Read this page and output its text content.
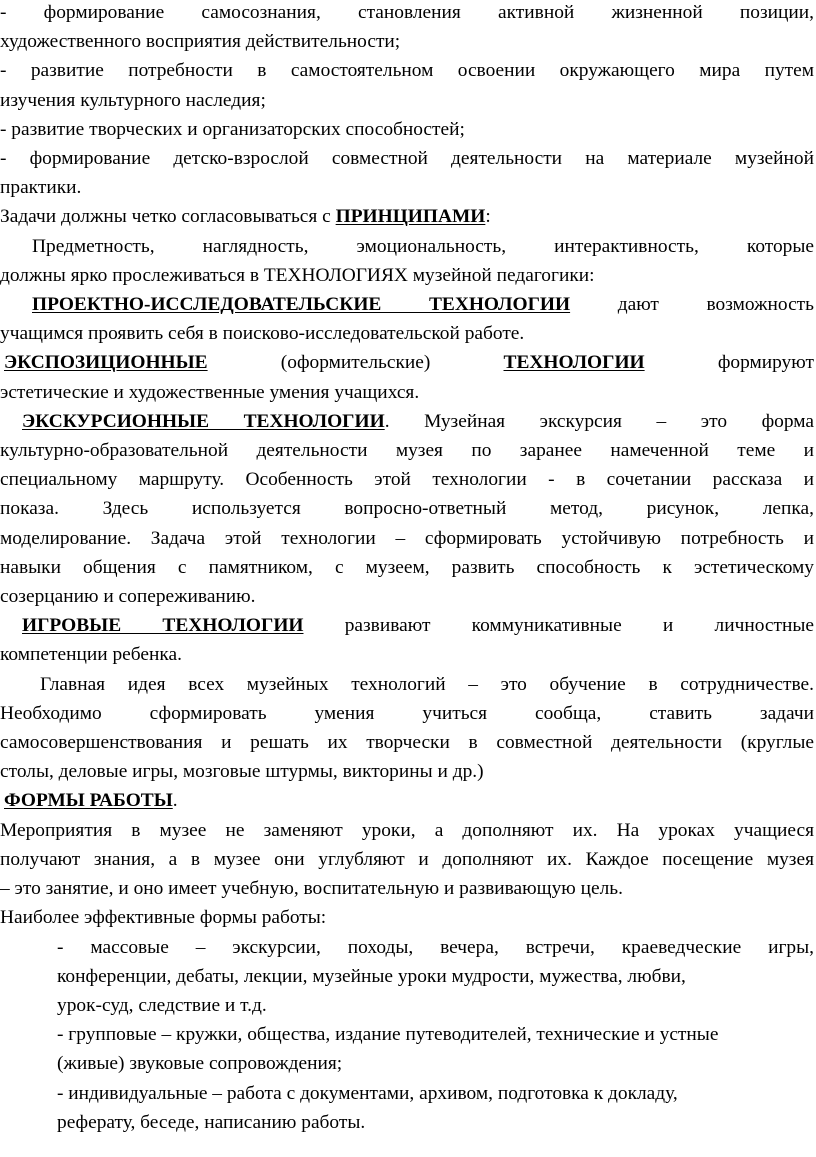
- формирование самосознания, становления активной жизненной позиции,

художественного восприятия действительности;

- развитие потребности в самостоятельном освоении окружающего мира путем

изучения культурного наследия;

- развитие творческих и организаторских способностей;

- формирование детско-взрослой совместной деятельности на материале музейной

практики.

Задачи должны четко согласовываться с ПРИНЦИПАМИ:

Предметность, наглядность, эмоциональность, интерактивность, которые

должны ярко прослеживаться в ТЕХНОЛОГИЯХ музейной педагогики:

ПРОЕКТНО-ИССЛЕДОВАТЕЛЬСКИЕ ТЕХНОЛОГИИ дают возможность

учащимся проявить себя в поисково-исследовательской работе.

ЭКСПОЗИЦИОННЫЕ	(оформительские)	ТЕХНОЛОГИИ	формируют

эстетические и художественные умения учащихся.

ЭКСКУРСИОННЫЕ ТЕХНОЛОГИИ. Музейная экскурсия – это форма

культурно-образовательной деятельности музея по заранее намеченной теме и

специальному маршруту. Особенность этой технологии - в сочетании рассказа и

показа. Здесь используется вопросно-ответный метод, рисунок, лепка,

моделирование. Задача этой технологии – сформировать устойчивую потребность и

навыки общения с памятником, с музеем, развить способность к эстетическому

созерцанию и сопереживанию.

ИГРОВЫЕ ТЕХНОЛОГИИ развивают коммуникативные и личностные

компетенции ребенка.

Главная идея всех музейных технологий – это обучение в сотрудничестве.

Необходимо сформировать умения учиться сообща, ставить задачи

самосовершенствования и решать их творчески в совместной деятельности (круглые

столы, деловые игры, мозговые штурмы, викторины и др.)

ФОРМЫ РАБОТЫ.

Мероприятия в музее не заменяют уроки, а дополняют их. На уроках учащиеся

получают знания, а в музее они углубляют и дополняют их. Каждое посещение музея

– это занятие, и оно имеет учебную, воспитательную и развивающую цель.

Наиболее эффективные формы работы:

- массовые – экскурсии, походы, вечера, встречи, краеведческие игры,

конференции, дебаты, лекции, музейные уроки мудрости, мужества, любви,

урок-суд, следствие и т.д.

- групповые – кружки, общества, издание путеводителей, технические и устные

(живые) звуковые сопровождения;

- индивидуальные – работа с документами, архивом, подготовка к докладу,

реферату, беседе, написанию работы.
